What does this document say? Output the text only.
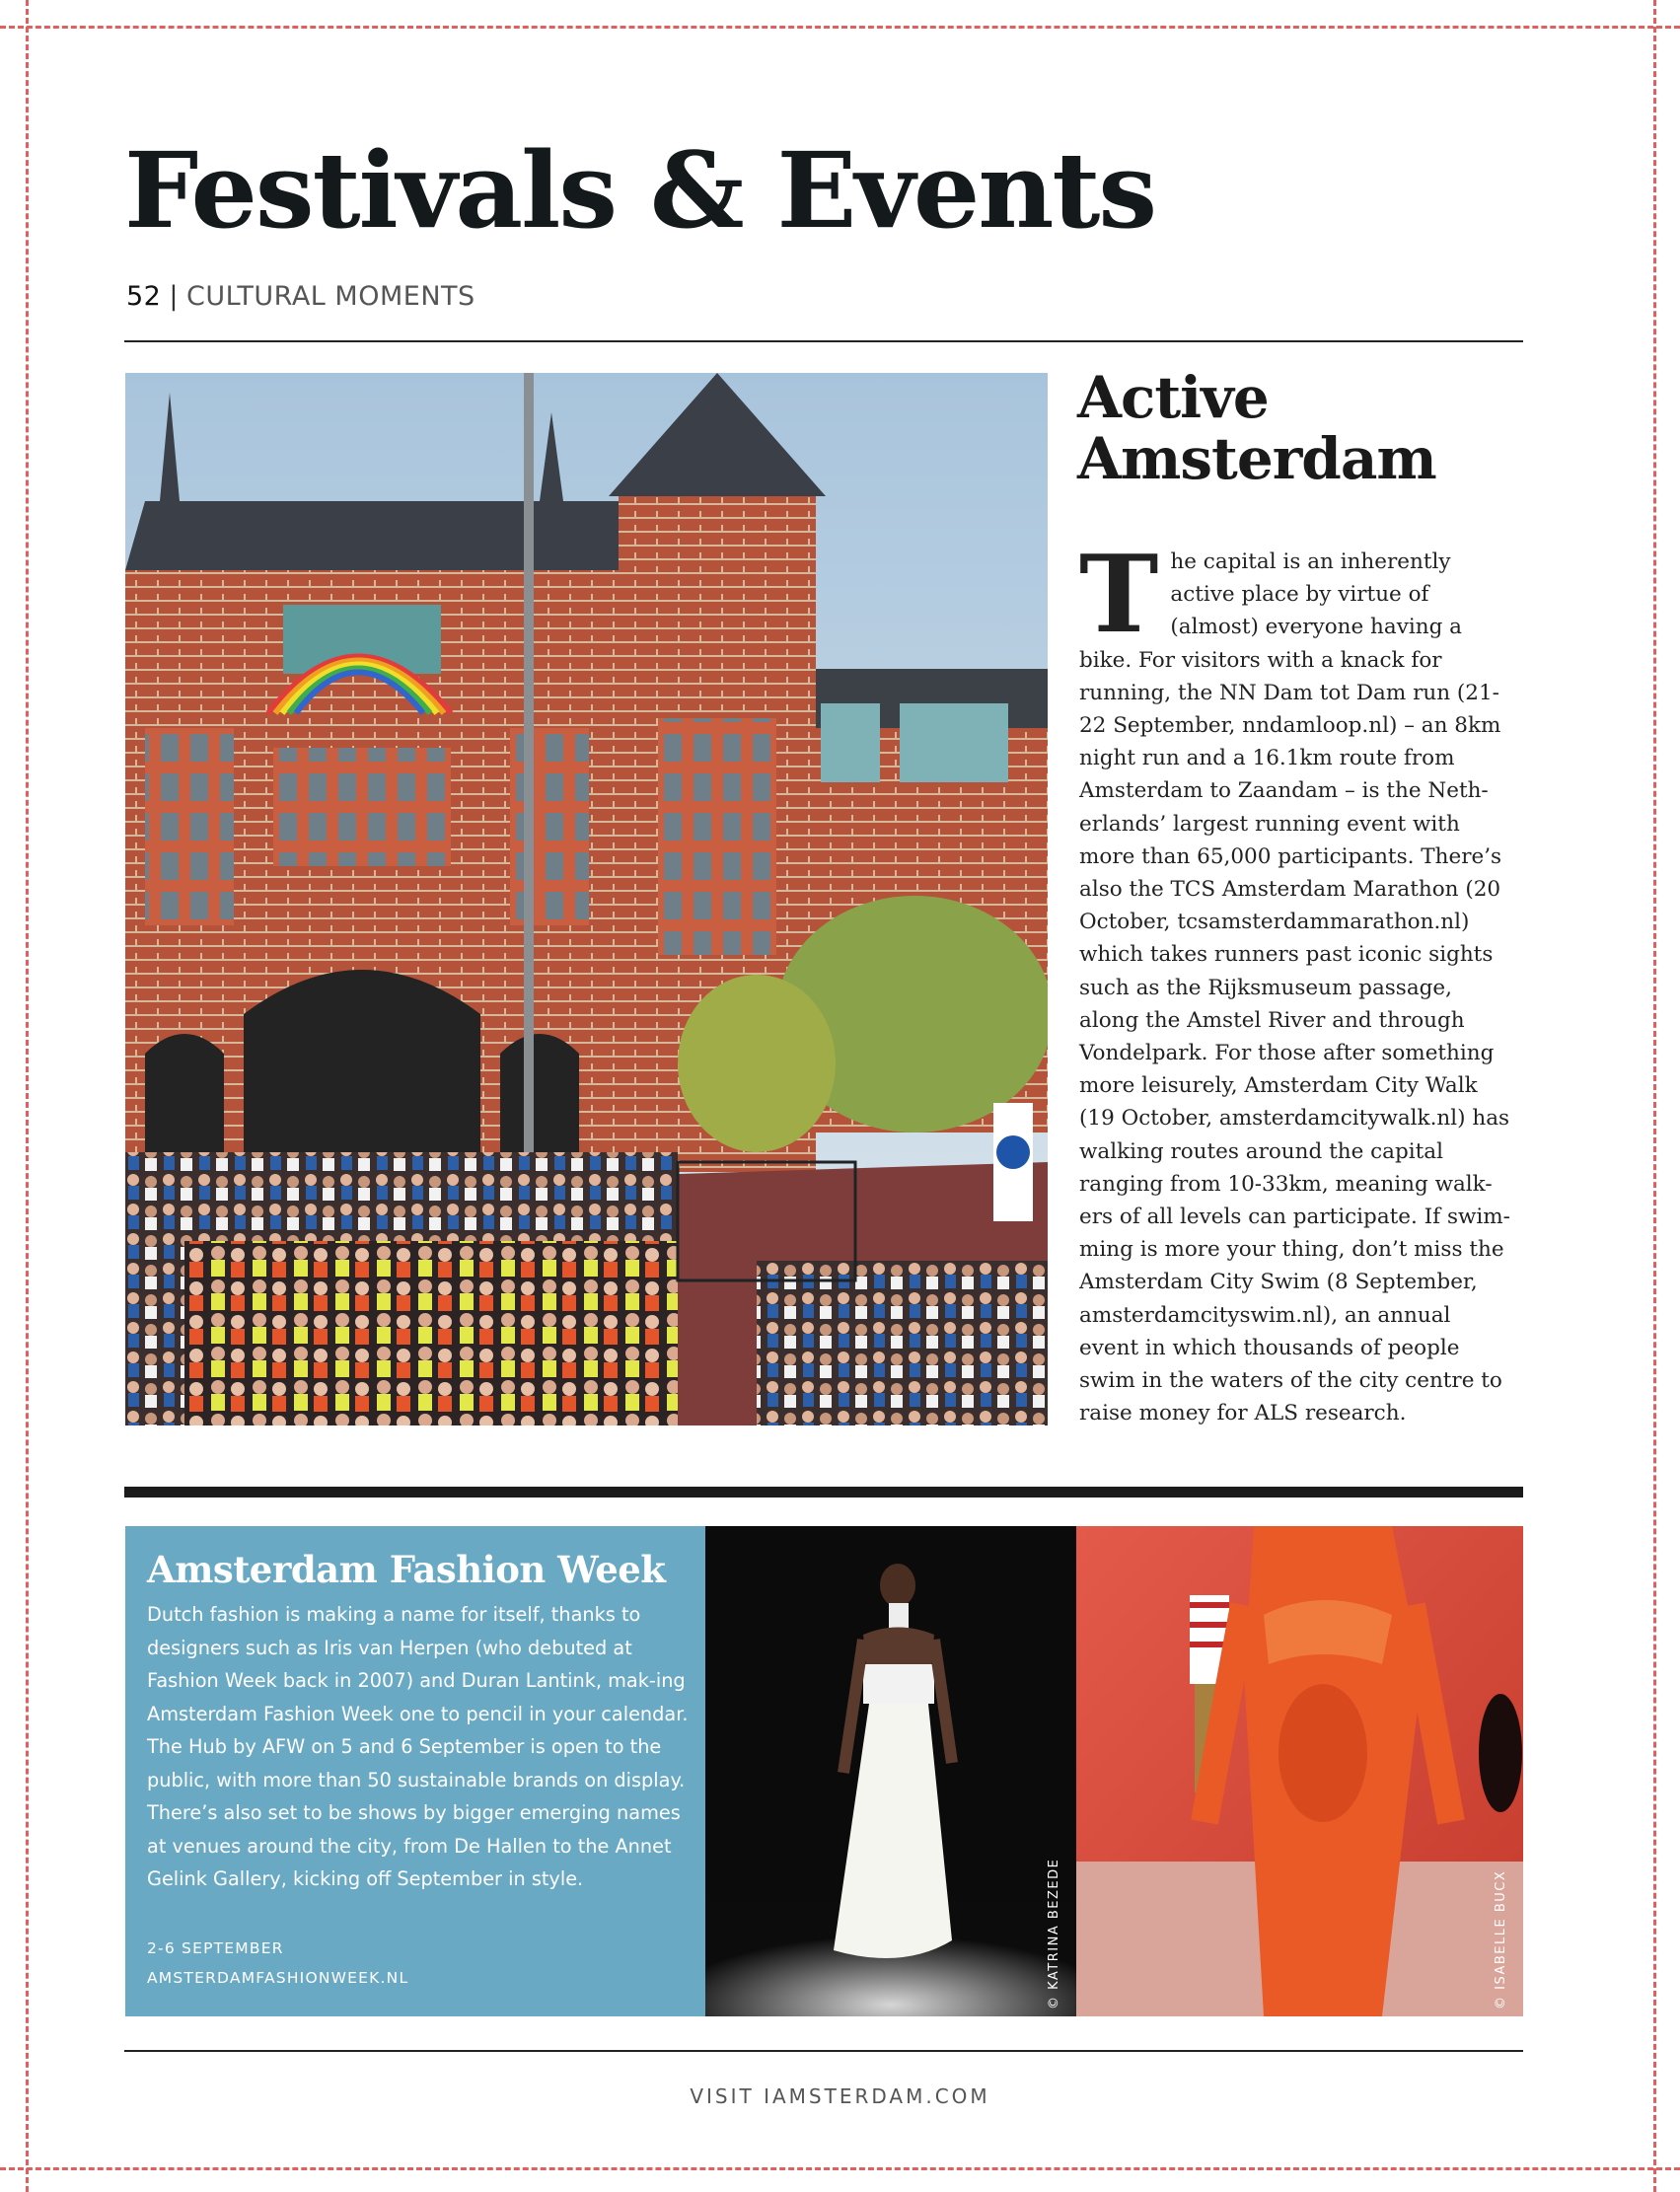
Festivals & Events
52 | CULTURAL MOMENTS
Active Amsterdam

The capital is an inherently active place by virtue of (almost) everyone having a bike. For visitors with a knack for running, the NN Dam tot Dam run (21-22 September, nndamloop.nl) – an 8km night run and a 16.1km route from Amsterdam to Zaandam – is the Neth-erlands’ largest running event with more than 65,000 participants. There’s also the TCS Amsterdam Marathon (20 October, tcsamsterdammarathon.nl) which takes runners past iconic sights such as the Rijksmuseum passage, along the Amstel River and through Vondelpark. For those after something more leisurely, Amsterdam City Walk (19 October, amsterdamcitywalk.nl) has walking routes around the capital ranging from 10-33km, meaning walk-ers of all levels can participate. If swim-ming is more your thing, don’t miss the Amsterdam City Swim (8 September, amsterdamcityswim.nl), an annual event in which thousands of people swim in the waters of the city centre to raise money for ALS research.

Amsterdam Fashion Week

Dutch fashion is making a name for itself, thanks to designers such as Iris van Herpen (who debuted at Fashion Week back in 2007) and Duran Lantink, mak-ing Amsterdam Fashion Week one to pencil in your calendar. The Hub by AFW on 5 and 6 September is open to the public, with more than 50 sustainable brands on display. There’s also set to be shows by bigger emerging names at venues around the city, from De Hallen to the Annet Gelink Gallery, kicking off September in style.

2-6 SEPTEMBER
AMSTERDAMFASHIONWEEK.NL	© KATRINA BEZEDE	© ISABELLE BUCX
VISIT IAMSTERDAM.COM
